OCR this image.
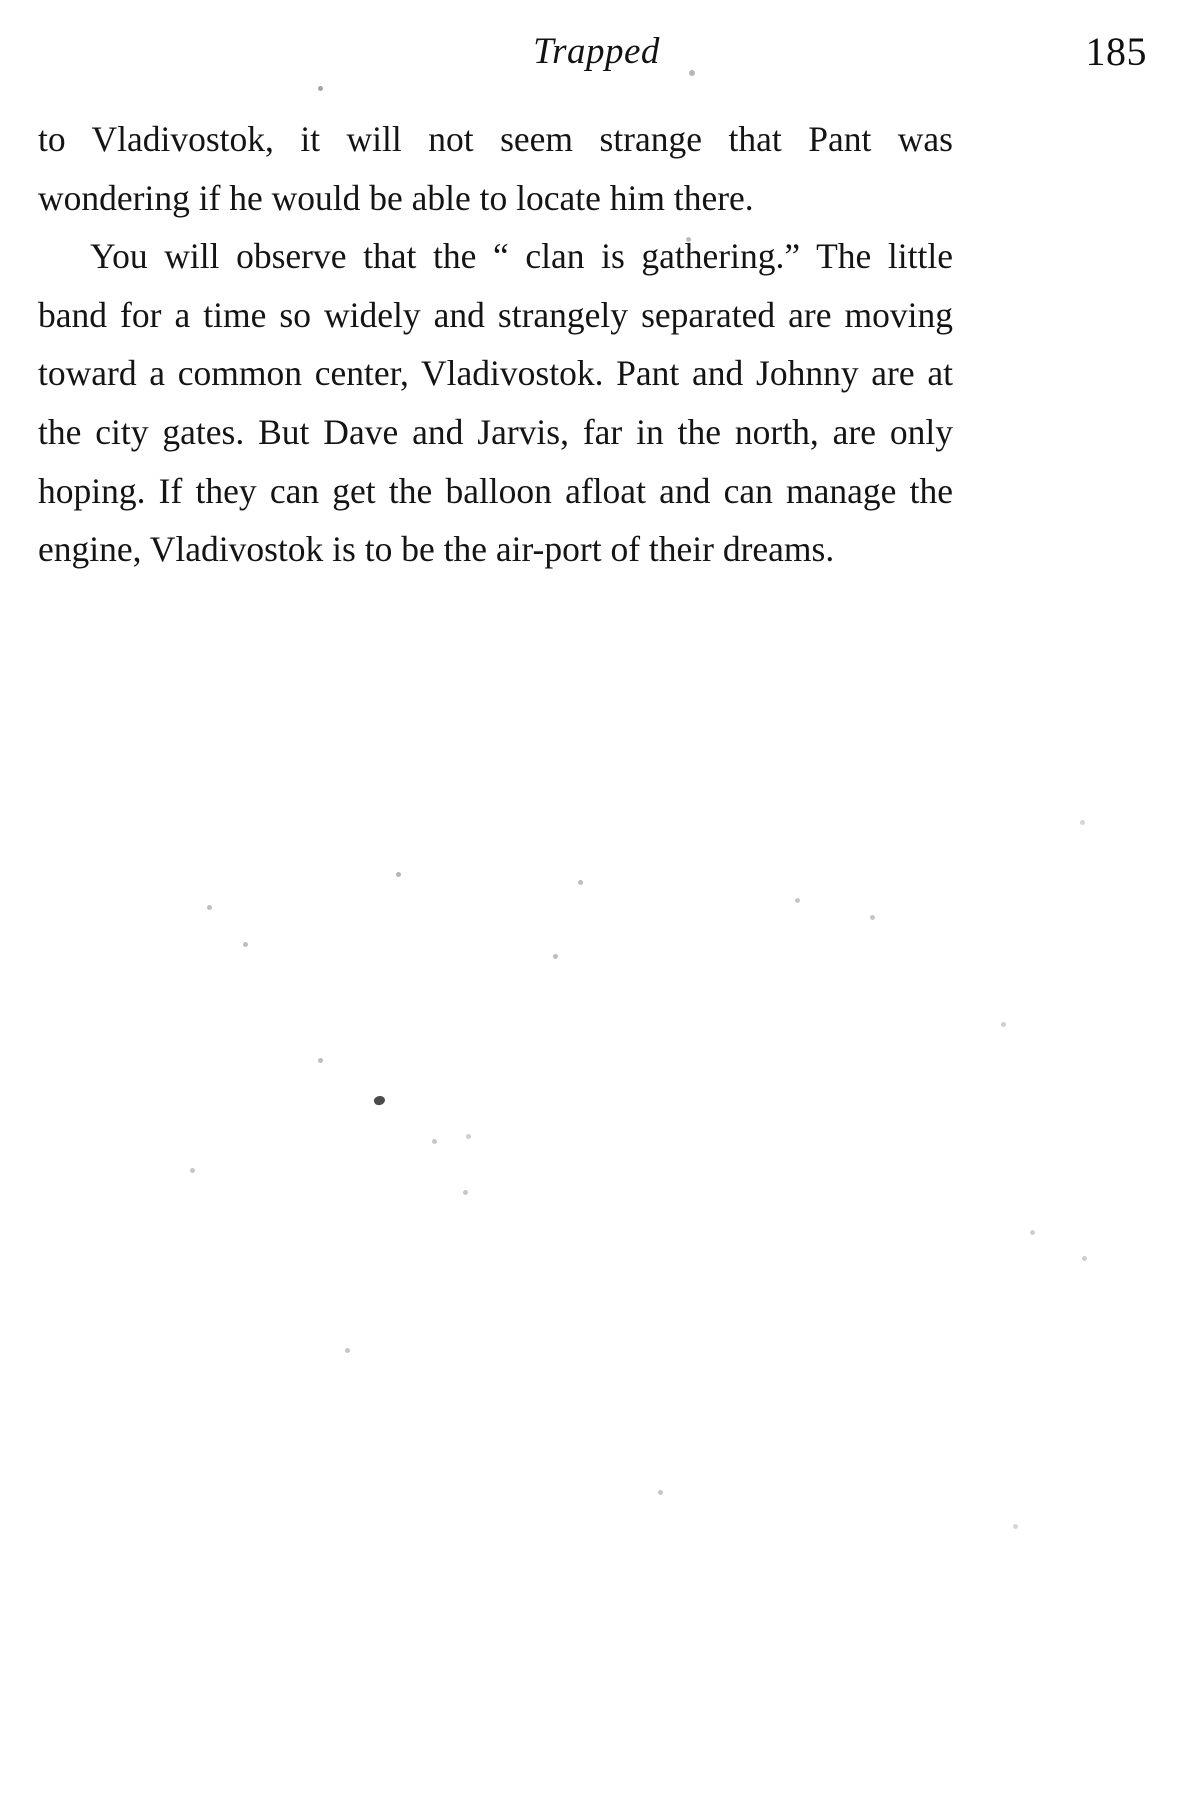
Trapped	185

to Vladivostok, it will not seem strange that Pant was wondering if he would be able to locate him there.

You will observe that the “ clan is gathering.” The little band for a time so widely and strangely separated are moving toward a common center, Vladivostok. Pant and Johnny are at the city gates. But Dave and Jarvis, far in the north, are only hoping. If they can get the balloon afloat and can manage the engine, Vladivostok is to be the air-port of their dreams.
